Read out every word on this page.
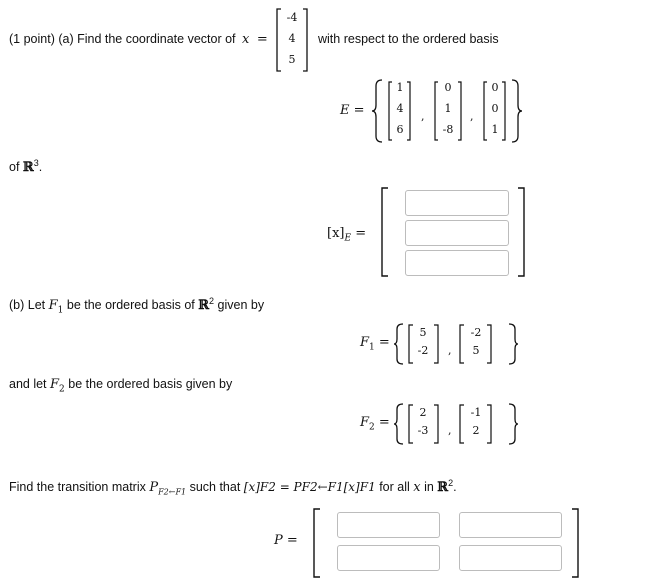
(1 point) (a) Find the coordinate vector of x =
-4
4
5
with respect to the ordered basis
E =
1
4
6
,
0
1
-8
,
0
0
1
of ℝ$^3$.
$[x]_E$ =
(b) Let $F_1$ be the ordered basis of ℝ$^2$ given by
$F_1$ =
5
-2	,
-2
5
and let $F_2$ be the ordered basis given by
$F_2$ =
2
-3	,
-1
2
Find the transition matrix $P_{F2\leftarrow F1}$ such that [x]F2 = PF2←F1[x]F1 for all x in ℝ$^2$.
P =
